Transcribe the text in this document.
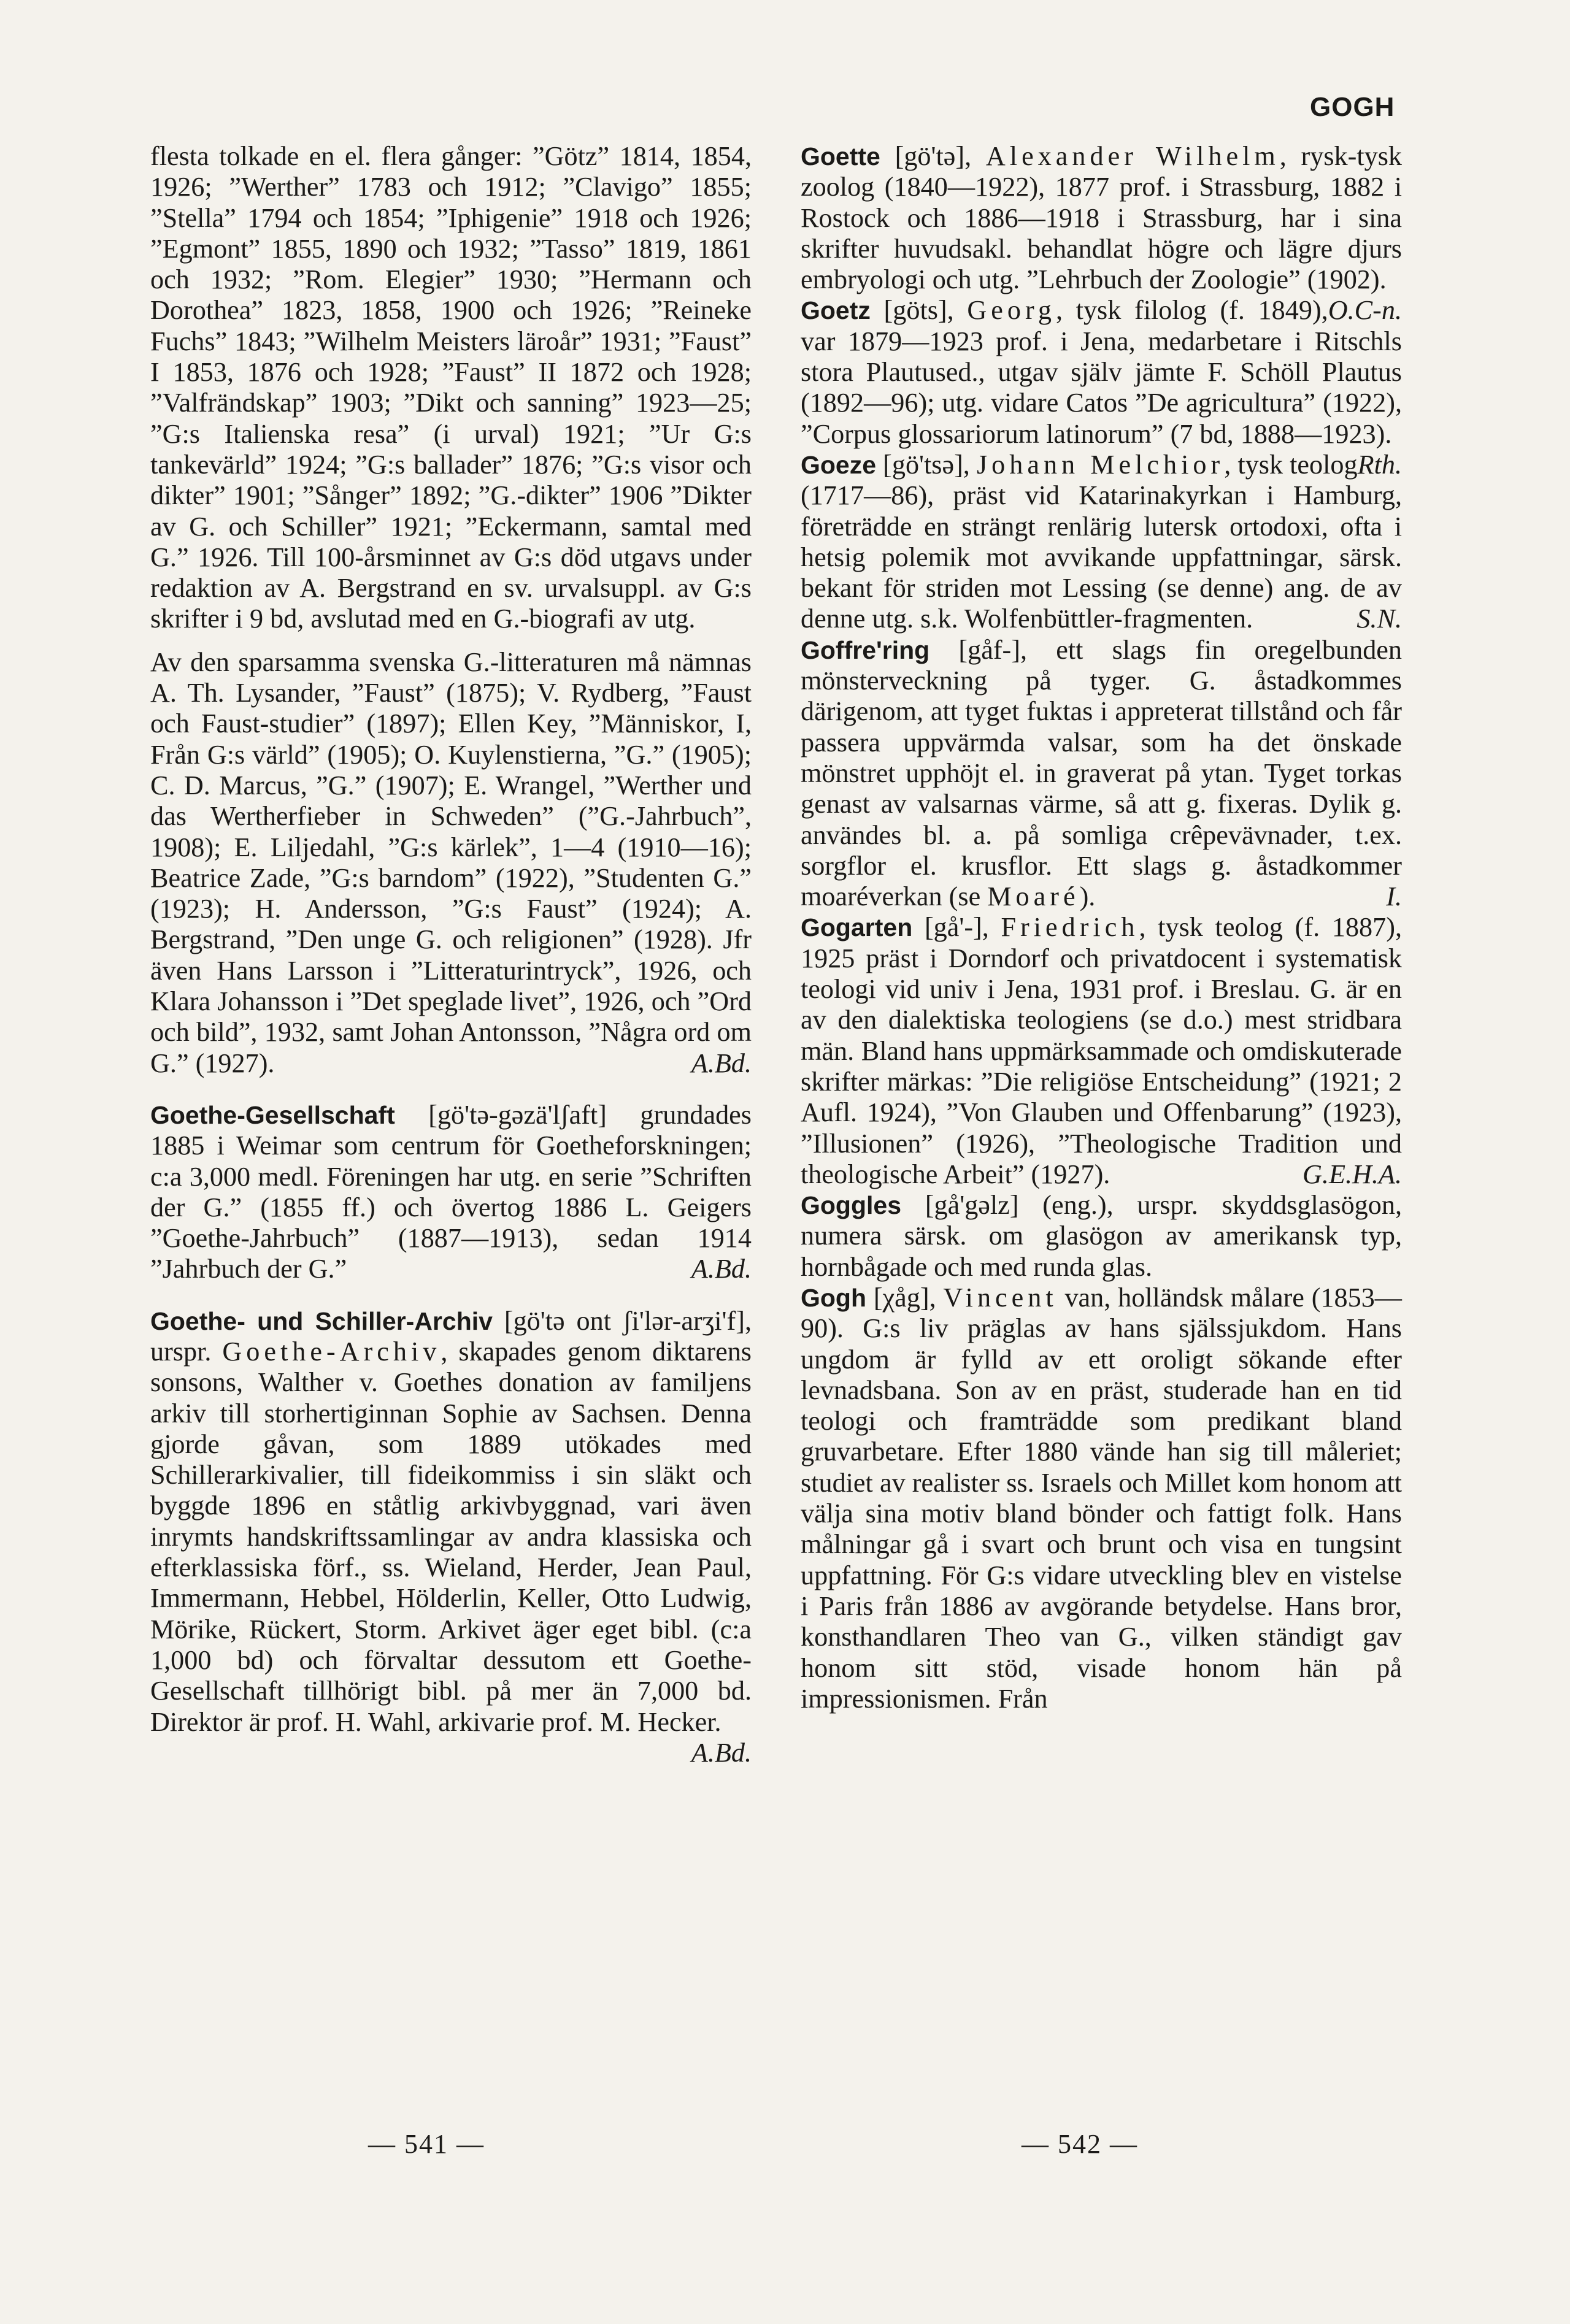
GOGH

flesta tolkade en el. flera gånger: ”Götz” 1814, 1854, 1926; ”Werther” 1783 och 1912; ”Clavigo” 1855; ”Stella” 1794 och 1854; ”Iphigenie” 1918 och 1926; ”Egmont” 1855, 1890 och 1932; ”Tasso” 1819, 1861 och 1932; ”Rom. Elegier” 1930; ”Hermann och Dorothea” 1823, 1858, 1900 och 1926; ”Reineke Fuchs” 1843; ”Wilhelm Meisters läroår” 1931; ”Faust” I 1853, 1876 och 1928; ”Faust” II 1872 och 1928; ”Valfrändskap” 1903; ”Dikt och sanning” 1923—25; ”G:s Italienska resa” (i urval) 1921; ”Ur G:s tankevärld” 1924; ”G:s ballader” 1876; ”G:s visor och dikter” 1901; ”Sånger” 1892; ”G.-dikter” 1906 ”Dikter av G. och Schiller” 1921; ”Eckermann, samtal med G.” 1926. Till 100-årsminnet av G:s död utgavs under redaktion av A. Bergstrand en sv. urvalsuppl. av G:s skrifter i 9 bd, avslutad med en G.-biografi av utg.

Av den sparsamma svenska G.-litteraturen må nämnas A. Th. Lysander, ”Faust” (1875); V. Rydberg, ”Faust och Faust-studier” (1897); Ellen Key, ”Människor, I, Från G:s värld” (1905); O. Kuylenstierna, ”G.” (1905); C. D. Marcus, ”G.” (1907); E. Wrangel, ”Werther und das Wertherfieber in Schweden” (”G.-Jahrbuch”, 1908); E. Liljedahl, ”G:s kärlek”, 1—4 (1910—16); Beatrice Zade, ”G:s barndom” (1922), ”Studenten G.” (1923); H. Andersson, ”G:s Faust” (1924); A. Bergstrand, ”Den unge G. och religionen” (1928). Jfr även Hans Larsson i ”Litteraturintryck”, 1926, och Klara Johansson i ”Det speglade livet”, 1926, och ”Ord och bild”, 1932, samt Johan Antonsson, ”Några ord om G.” (1927).	A.Bd.

Goethe-Gesellschaft [gö'tə-gəzä'lʃaft] grundades 1885 i Weimar som centrum för Goetheforskningen; c:a 3,000 medl. Föreningen har utg. en serie ”Schriften der G.” (1855 ff.) och övertog 1886 L. Geigers ”Goethe-Jahrbuch” (1887—1913), sedan 1914 ”Jahrbuch der G.”	A.Bd.

Goethe- und Schiller-Archiv [gö'tə ont ʃi'lər-arʒi'f], urspr. Goethe-Archiv, skapades genom diktarens sonsons, Walther v. Goethes donation av familjens arkiv till storhertiginnan Sophie av Sachsen. Denna gjorde gåvan, som 1889 utökades med Schillerarkivalier, till fideikommiss i sin släkt och byggde 1896 en ståtlig arkivbyggnad, vari även inrymts handskriftssamlingar av andra klassiska och efterklassiska förf., ss. Wieland, Herder, Jean Paul, Immermann, Hebbel, Hölderlin, Keller, Otto Ludwig, Mörike, Rückert, Storm. Arkivet äger eget bibl. (c:a 1,000 bd) och förvaltar dessutom ett Goethe-Gesellschaft tillhörigt bibl. på mer än 7,000 bd. Direktor är prof. H. Wahl, arkivarie prof. M. Hecker.
A.Bd.

Goette [gö'tə], Alexander Wilhelm, rysk-tysk zoolog (1840—1922), 1877 prof. i Strassburg, 1882 i Rostock och 1886—1918 i Strassburg, har i sina skrifter huvudsakl. behandlat högre och lägre djurs embryologi och utg. ”Lehrbuch der Zoologie” (1902).
O.C-n.

Goetz [göts], Georg, tysk filolog (f. 1849), var 1879—1923 prof. i Jena, medarbetare i Ritschls stora Plautused., utgav själv jämte F. Schöll Plautus (1892—96); utg. vidare Catos ”De agricultura” (1922), ”Corpus glossariorum latinorum” (7 bd, 1888—1923).
Rth.

Goeze [gö'tsə], Johann Melchior, tysk teolog (1717—86), präst vid Katarinakyrkan i Hamburg, företrädde en strängt renlärig lutersk ortodoxi, ofta i hetsig polemik mot avvikande uppfattningar, särsk. bekant för striden mot Lessing (se denne) ang. de av denne utg. s.k. Wolfenbüttler-fragmenten.	S.N.

Goffre'ring [gåf-], ett slags fin oregelbunden mönsterveckning på tyger. G. åstadkommes därigenom, att tyget fuktas i appreterat tillstånd och får passera uppvärmda valsar, som ha det önskade mönstret upphöjt el. in graverat på ytan. Tyget torkas genast av valsarnas värme, så att g. fixeras. Dylik g. användes bl. a. på somliga crêpevävnader, t.ex. sorgflor el. krusflor. Ett slags g. åstadkommer moaréverkan (se Moaré).	I.

Gogarten [gå'-], Friedrich, tysk teolog (f. 1887), 1925 präst i Dorndorf och privatdocent i systematisk teologi vid univ i Jena, 1931 prof. i Breslau. G. är en av den dialektiska teologiens (se d.o.) mest stridbara män. Bland hans uppmärksammade och omdiskuterade skrifter märkas: ”Die religiöse Entscheidung” (1921; 2 Aufl. 1924), ”Von Glauben und Offenbarung” (1923), ”Illusionen” (1926), ”Theologische Tradition und theologische Arbeit” (1927).	G.E.H.A.

Goggles [gå'gəlz] (eng.), urspr. skyddsglasögon, numera särsk. om glasögon av amerikansk typ, hornbågade och med runda glas.

Gogh [χåg], Vincent van, holländsk målare (1853—90). G:s liv präglas av hans själssjukdom. Hans ungdom är fylld av ett oroligt sökande efter levnadsbana. Son av en präst, studerade han en tid teologi och framträdde som predikant bland gruvarbetare. Efter 1880 vände han sig till måleriet; studiet av realister ss. Israels och Millet kom honom att välja sina motiv bland bönder och fattigt folk. Hans målningar gå i svart och brunt och visa en tungsint uppfattning. För G:s vidare utveckling blev en vistelse i Paris från 1886 av avgörande betydelse. Hans bror, konsthandlaren Theo van G., vilken ständigt gav honom sitt stöd, visade honom hän på impressionismen. Från

— 541 —	— 542 —
